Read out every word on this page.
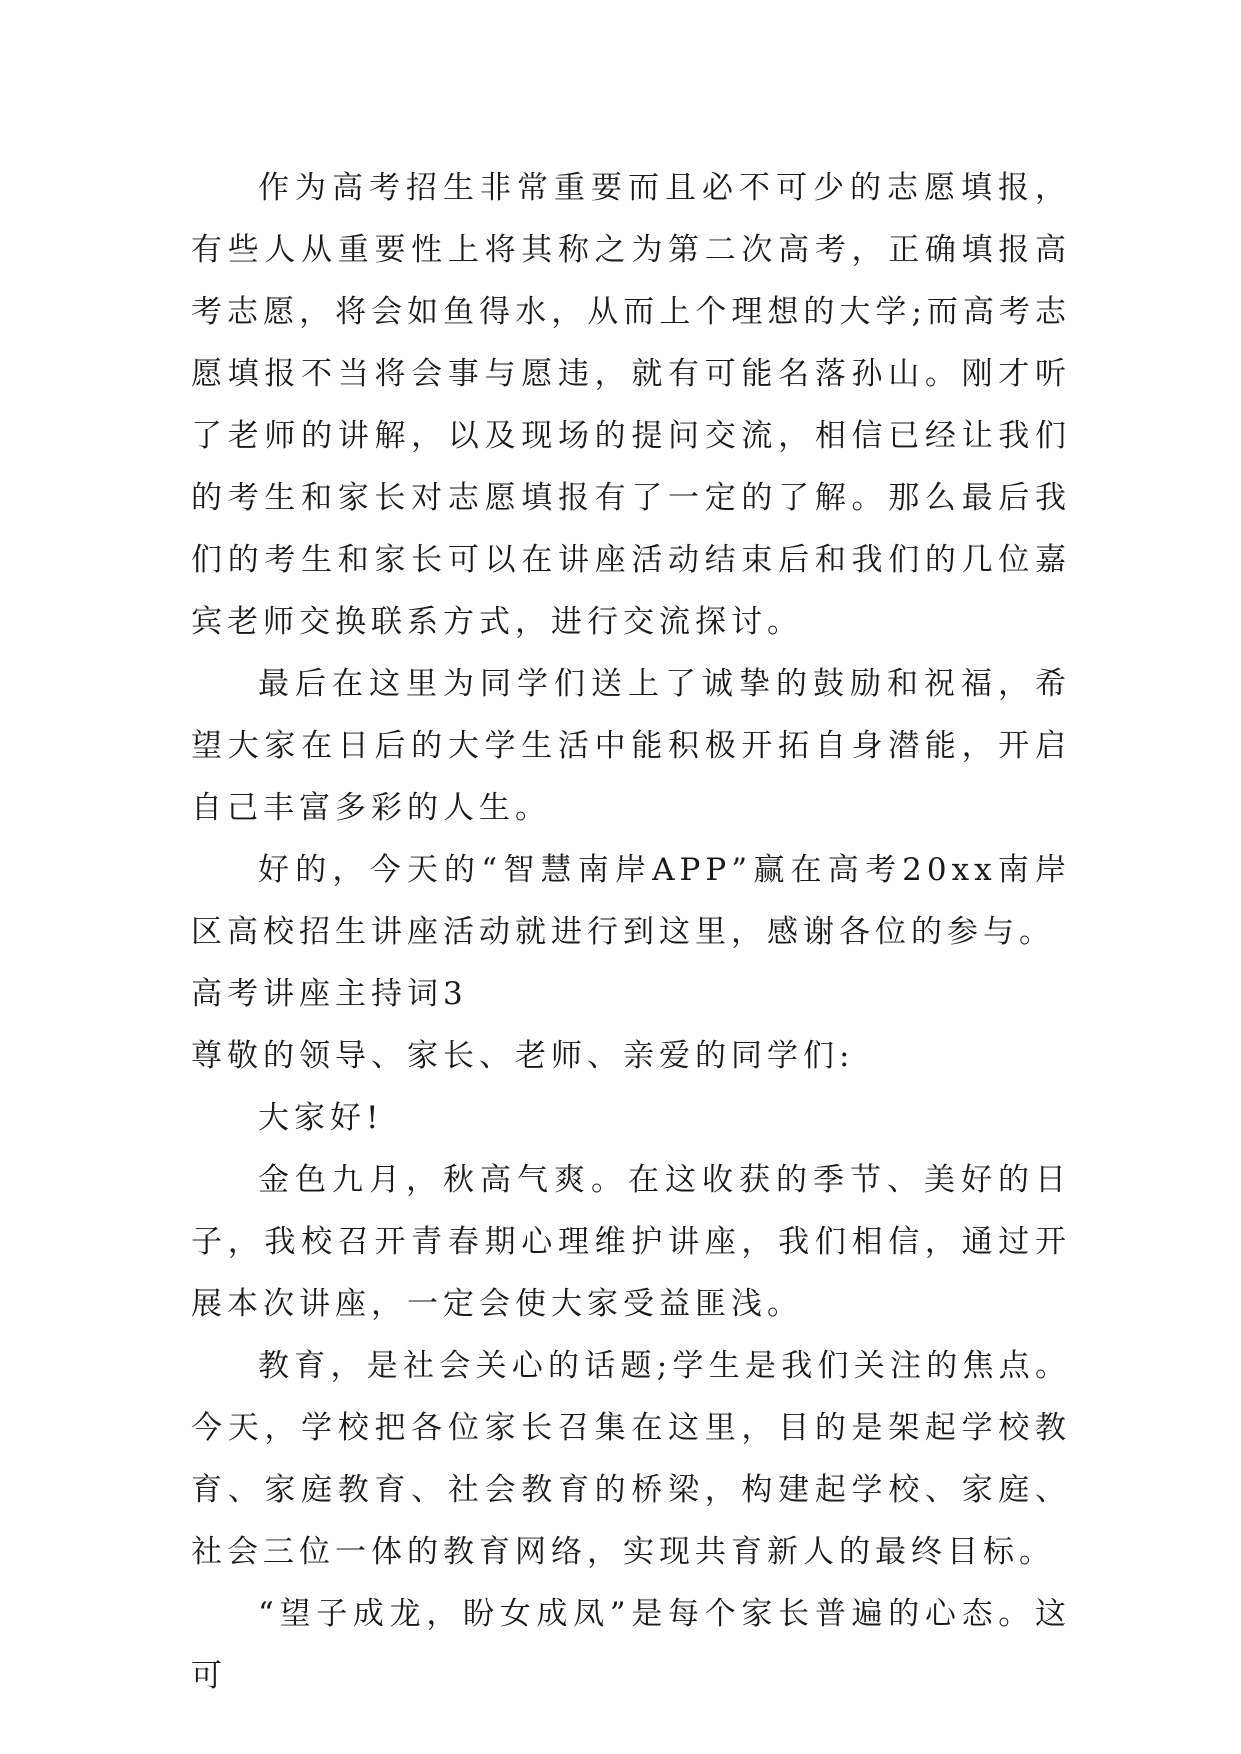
作为高考招生非常重要而且必不可少的志愿填报，有些人从重要性上将其称之为第二次高考，正确填报高考志愿，将会如鱼得水，从而上个理想的大学;而高考志愿填报不当将会事与愿违，就有可能名落孙山。刚才听了老师的讲解，以及现场的提问交流，相信已经让我们的考生和家长对志愿填报有了一定的了解。那么最后我们的考生和家长可以在讲座活动结束后和我们的几位嘉宾老师交换联系方式，进行交流探讨。

最后在这里为同学们送上了诚挚的鼓励和祝福，希望大家在日后的大学生活中能积极开拓自身潜能，开启自己丰富多彩的人生。

好的，今天的“智慧南岸APP”赢在高考20xx南岸区高校招生讲座活动就进行到这里，感谢各位的参与。

高考讲座主持词3

尊敬的领导、家长、老师、亲爱的同学们:

大家好!

金色九月，秋高气爽。在这收获的季节、美好的日子，我校召开青春期心理维护讲座，我们相信，通过开展本次讲座，一定会使大家受益匪浅。

教育，是社会关心的话题;学生是我们关注的焦点。今天，学校把各位家长召集在这里，目的是架起学校教育、家庭教育、社会教育的桥梁，构建起学校、家庭、社会三位一体的教育网络，实现共育新人的最终目标。

“望子成龙，盼女成凤”是每个家长普遍的心态。这可
